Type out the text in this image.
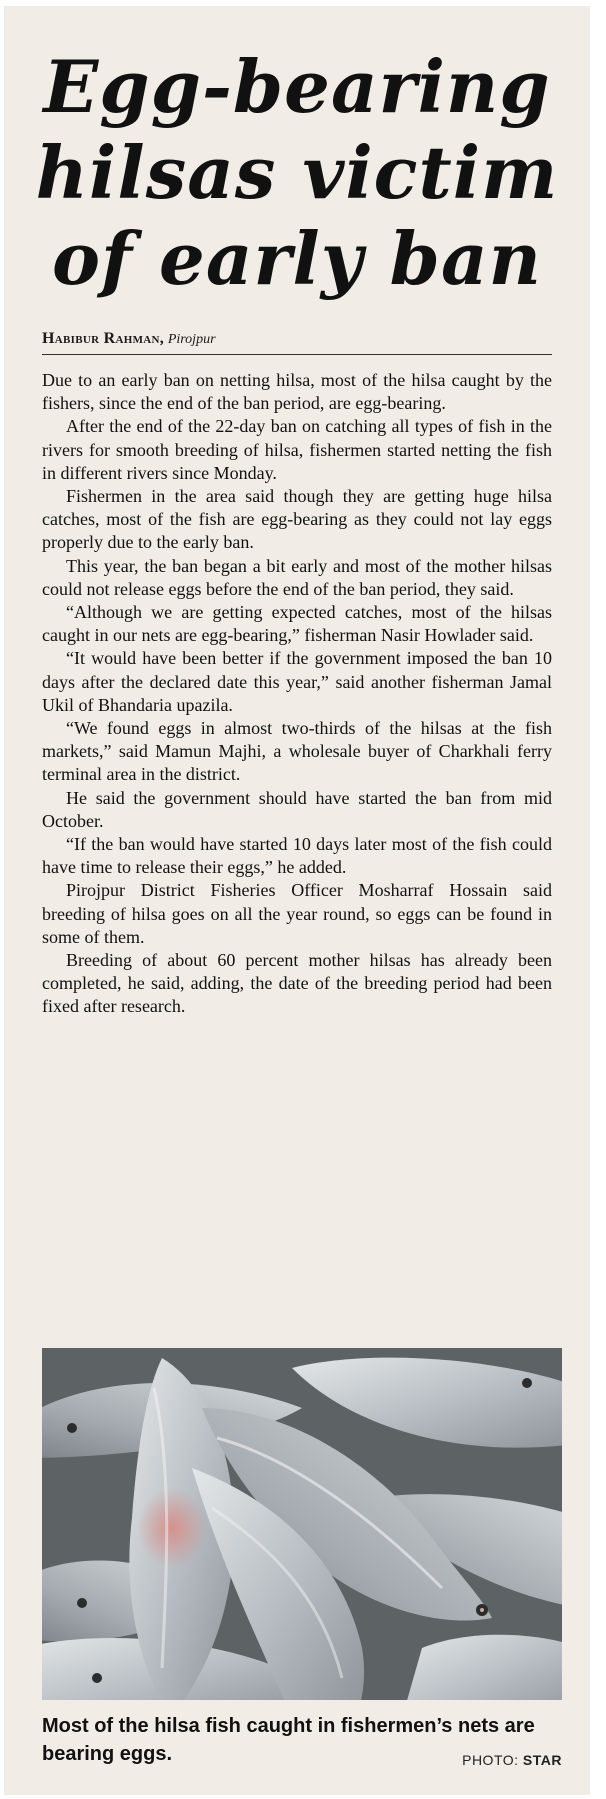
Egg-bearing
hilsas victim
of early ban
Habibur Rahman, Pirojpur

Due to an early ban on netting hilsa, most of the hilsa caught by the fishers, since the end of the ban period, are egg-bearing.

After the end of the 22-day ban on catching all types of fish in the rivers for smooth breeding of hilsa, fishermen started netting the fish in different rivers since Monday.

Fishermen in the area said though they are getting huge hilsa catches, most of the fish are egg-bearing as they could not lay eggs properly due to the early ban.

This year, the ban began a bit early and most of the mother hilsas could not release eggs before the end of the ban period, they said.

“Although we are getting expected catches, most of the hilsas caught in our nets are egg-bearing,” fisherman Nasir Howlader said.

“It would have been better if the government imposed the ban 10 days after the declared date this year,” said another fisherman Jamal Ukil of Bhandaria upazila.

“We found eggs in almost two-thirds of the hilsas at the fish markets,” said Mamun Majhi, a wholesale buyer of Charkhali ferry terminal area in the district.

He said the government should have started the ban from mid October.

“If the ban would have started 10 days later most of the fish could have time to release their eggs,” he added.

Pirojpur District Fisheries Officer Mosharraf Hossain said breeding of hilsa goes on all the year round, so eggs can be found in some of them.

Breeding of about 60 percent mother hilsas has already been completed, he said, adding, the date of the breeding period had been fixed after research.

Most of the hilsa fish caught in fishermen’s nets are bearing eggs.	PHOTO: STAR
